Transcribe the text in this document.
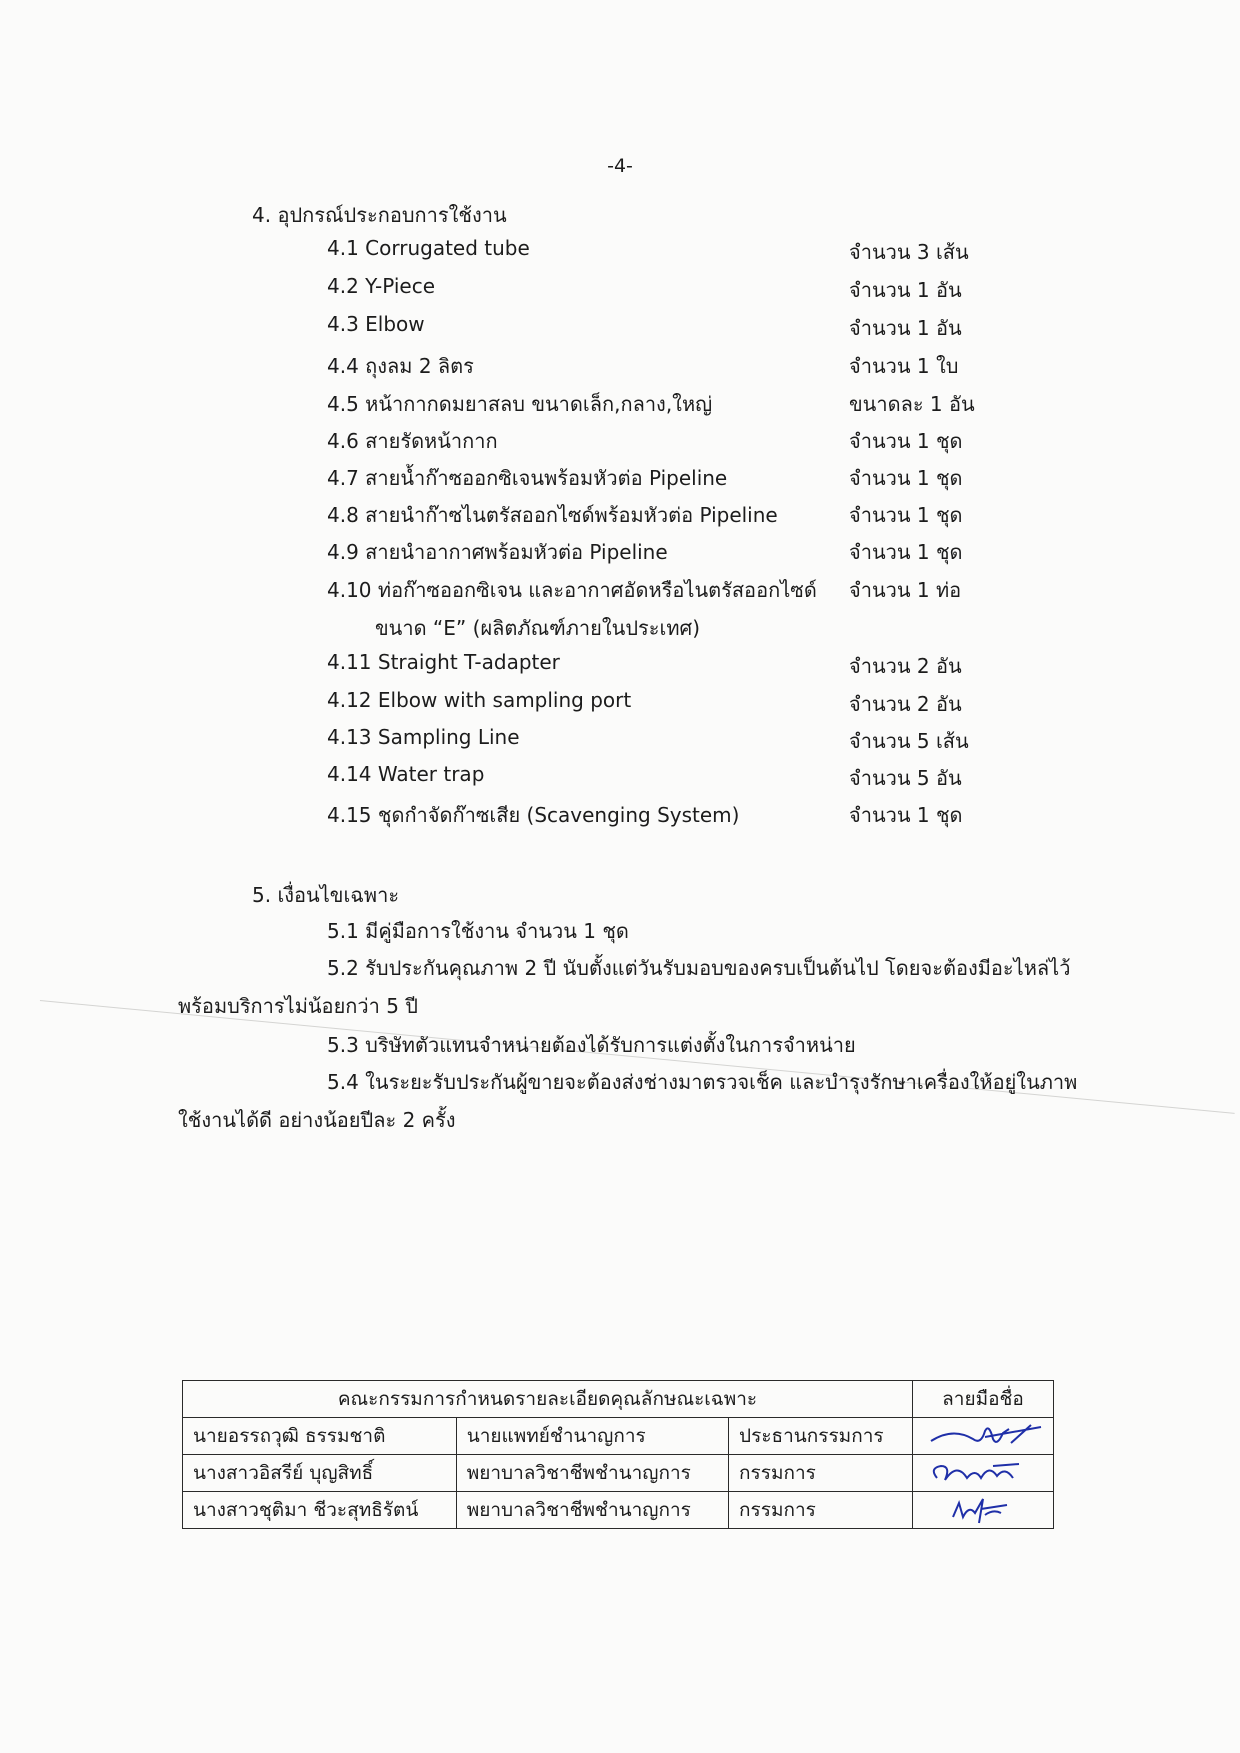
-4-
4. อุปกรณ์ประกอบการใช้งาน
4.1 Corrugated tube	จำนวน 3 เส้น
4.2 Y-Piece	จำนวน 1 อัน
4.3 Elbow	จำนวน 1 อัน
4.4 ถุงลม 2 ลิตร	จำนวน 1 ใบ
4.5 หน้ากากดมยาสลบ ขนาดเล็ก,กลาง,ใหญ่	ขนาดละ 1 อัน
4.6 สายรัดหน้ากาก	จำนวน 1 ชุด
4.7 สายน้ำก๊าซออกซิเจนพร้อมหัวต่อ Pipeline	จำนวน 1 ชุด
4.8 สายนำก๊าซไนตรัสออกไซด์พร้อมหัวต่อ Pipeline	จำนวน 1 ชุด
4.9 สายนำอากาศพร้อมหัวต่อ Pipeline	จำนวน 1 ชุด
4.10 ท่อก๊าซออกซิเจน และอากาศอัดหรือไนตรัสออกไซด์ จำนวน 1 ท่อ
ขนาด “E” (ผลิตภัณฑ์ภายในประเทศ)
4.11 Straight T-adapter	จำนวน 2 อัน
4.12 Elbow with sampling port	จำนวน 2 อัน
4.13 Sampling Line	จำนวน 5 เส้น
4.14 Water trap	จำนวน 5 อัน
4.15 ชุดกำจัดก๊าซเสีย (Scavenging System)	จำนวน 1 ชุด
5. เงื่อนไขเฉพาะ
5.1 มีคู่มือการใช้งาน จำนวน 1 ชุด
5.2 รับประกันคุณภาพ 2 ปี นับตั้งแต่วันรับมอบของครบเป็นต้นไป โดยจะต้องมีอะไหล่ไว้
พร้อมบริการไม่น้อยกว่า 5 ปี
5.3 บริษัทตัวแทนจำหน่ายต้องได้รับการแต่งตั้งในการจำหน่าย
5.4 ในระยะรับประกันผู้ขายจะต้องส่งช่างมาตรวจเช็ค และบำรุงรักษาเครื่องให้อยู่ในภาพ
ใช้งานได้ดี อย่างน้อยปีละ 2 ครั้ง
คณะกรรมการกำหนดรายละเอียดคุณลักษณะเฉพาะ			ลายมือชื่อ
นายอรรถวุฒิ ธรรมชาติ	นายแพทย์ชำนาญการ	ประธานกรรมการ	

นางสาวอิสรีย์ บุญสิทธิ์	พยาบาลวิชาชีพชำนาญการ	กรรมการ	

นางสาวชุติมา ชีวะสุทธิรัตน์	พยาบาลวิชาชีพชำนาญการ	กรรมการ	
